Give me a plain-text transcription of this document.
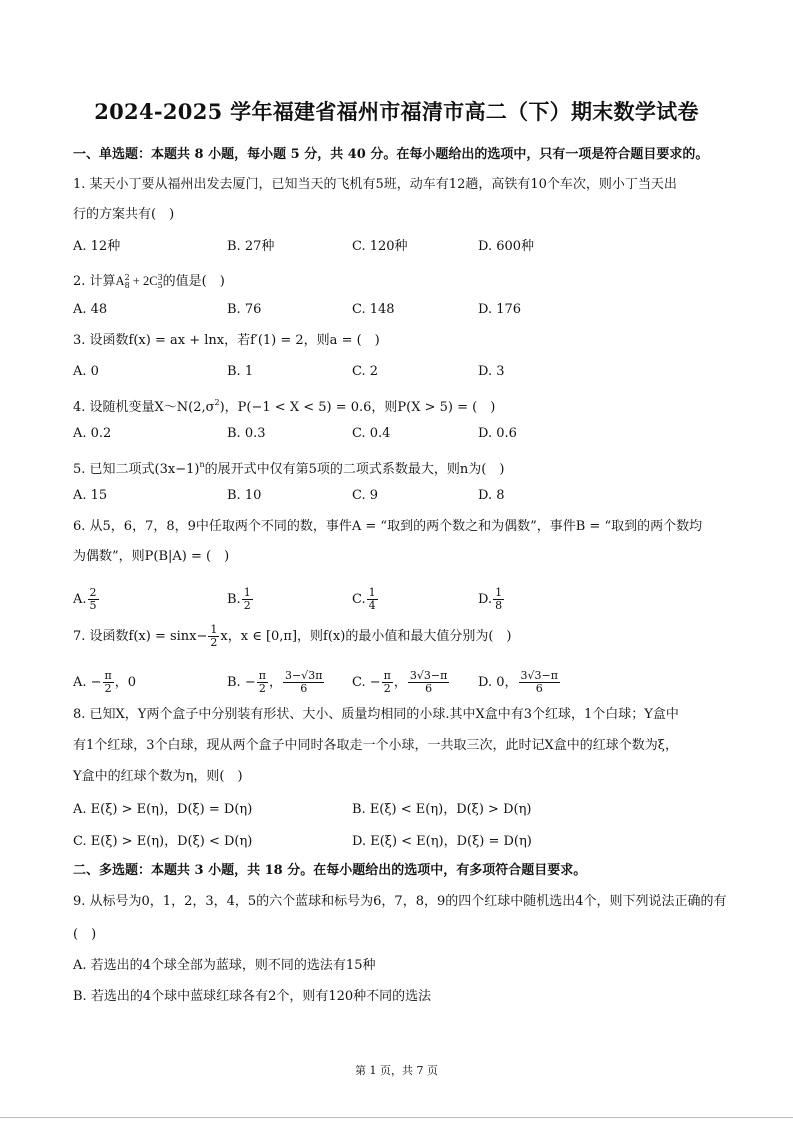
2024-2025 学年福建省福州市福清市高二（下）期末数学试卷
一、单选题：本题共 8 小题，每小题 5 分，共 40 分。在每小题给出的选项中，只有一项是符合题目要求的。
1. 某天小丁要从福州出发去厦门，已知当天的飞机有5班，动车有12趟，高铁有10个车次，则小丁当天出
行的方案共有(　)
A. 12种	B. 27种	C. 120种	D. 600种
2. 计算A 2
8 + 2C 3
5 的值是(　)
A. 48	B. 76	C. 148	D. 176
3. 设函数f(x) = ax + lnx，若f′(1) = 2，则a = (　)
A. 0	B. 1	C. 2	D. 3
4. 设随机变量$X\sim N(2,\sigma^2)$，P(−1 < X < 5) = 0.6，则P(X > 5) = (　)
A. 0.2	B. 0.3	C. 0.4	D. 0.6
5. 已知二项式$(3x-1)^n$的展开式中仅有第5项的二项式系数最大，则n为(　)
A. 15	B. 10	C. 9	D. 8
6. 从5，6，7，8，9中任取两个不同的数，事件A = “取到的两个数之和为偶数”，事件B = “取到的两个数均
为偶数”，则P(B|A) = (　)
A. $\frac{2}{5}$	B. $\frac{1}{2}$	C. $\frac{1}{4}$	D. $\frac{1}{8}$
7. 设函数$f(x) = \sin x- \frac{1}{2}$ x，x ∈ [0,π]，则f(x)的最小值和最大值分别为(　)
A. − $\frac{\pi}{2}$ ，0	B. − $\frac{\pi}{2}$ ， $\frac{3-√3\pi}{6} C$. − $\frac{\pi}{2}$ ， $\frac{3√3-\pi}{6} D$. 0， $\frac{3√3-\pi}{6}$
8. 已知X，Y两个盒子中分别装有形状、大小、质量均相同的小球.其中X盒中有3个红球，1个白球；Y盒中
有1个红球，3个白球，现从两个盒子中同时各取走一个小球，一共取三次，此时记X盒中的红球个数为ξ，
Y盒中的红球个数为η，则(　)
A. E(ξ) > E(η)，D(ξ) = D(η)	B. E(ξ) < E(η)，D(ξ) > D(η)
C. E(ξ) > E(η)，D(ξ) < D(η)	D. E(ξ) < E(η)，D(ξ) = D(η)
二、多选题：本题共 3 小题，共 18 分。在每小题给出的选项中，有多项符合题目要求。
9. 从标号为0，1，2，3，4，5的六个蓝球和标号为6，7，8，9的四个红球中随机选出4个，则下列说法正确的有
(　)
A. 若选出的4个球全部为蓝球，则不同的选法有15种
B. 若选出的4个球中蓝球红球各有2个，则有120种不同的选法
第 1 页，共 7 页
